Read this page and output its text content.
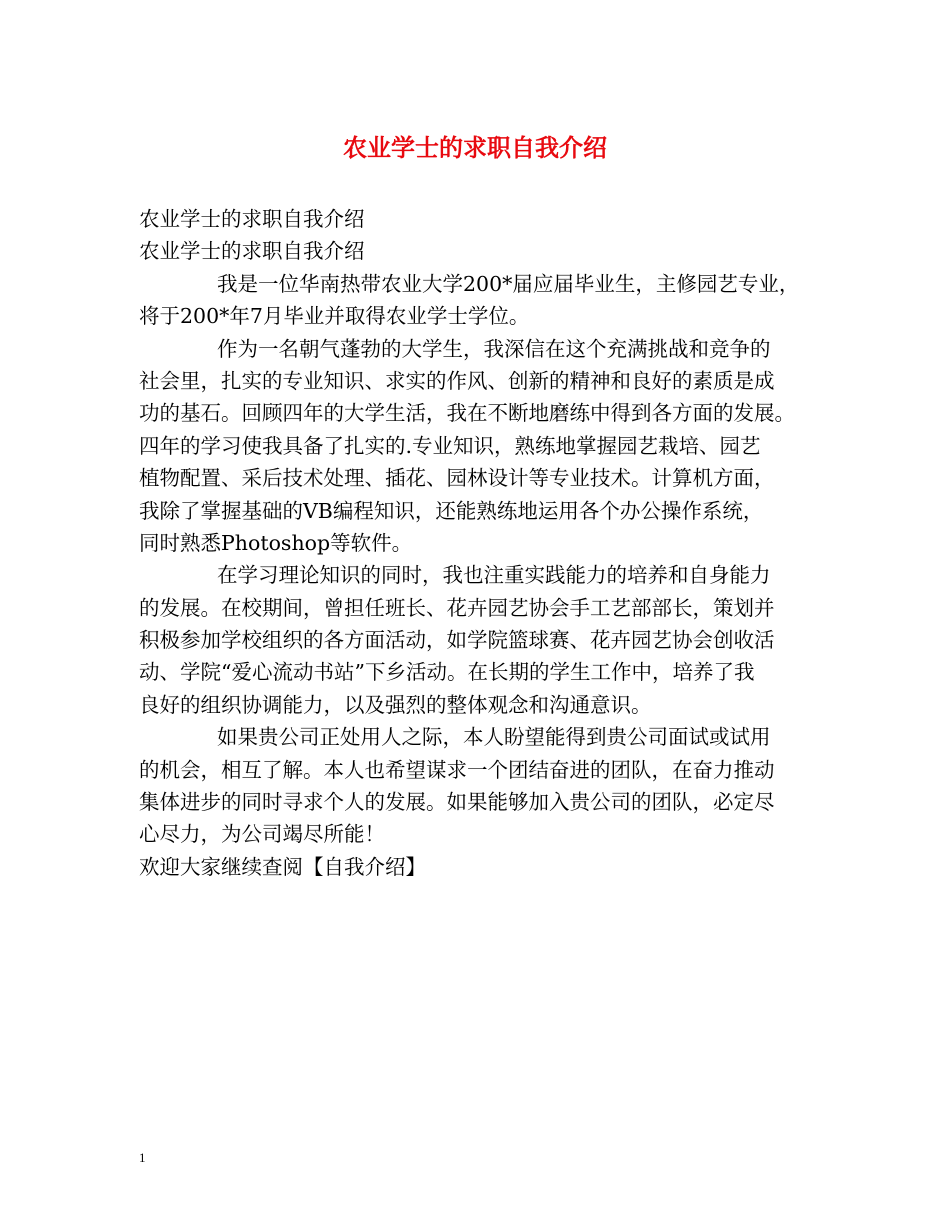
农业学士的求职自我介绍
农业学士的求职自我介绍
农业学士的求职自我介绍
我是一位华南热带农业大学200*届应届毕业生，主修园艺专业，
将于200*年7月毕业并取得农业学士学位。
作为一名朝气蓬勃的大学生，我深信在这个充满挑战和竞争的
社会里，扎实的专业知识、求实的作风、创新的精神和良好的素质是成
功的基石。回顾四年的大学生活，我在不断地磨练中得到各方面的发展。
四年的学习使我具备了扎实的.专业知识，熟练地掌握园艺栽培、园艺
植物配置、采后技术处理、插花、园林设计等专业技术。计算机方面，
我除了掌握基础的VB编程知识，还能熟练地运用各个办公操作系统，
同时熟悉Photoshop等软件。
在学习理论知识的同时，我也注重实践能力的培养和自身能力
的发展。在校期间，曾担任班长、花卉园艺协会手工艺部部长，策划并
积极参加学校组织的各方面活动，如学院篮球赛、花卉园艺协会创收活
动、学院“爱心流动书站”下乡活动。在长期的学生工作中，培养了我
良好的组织协调能力，以及强烈的整体观念和沟通意识。
如果贵公司正处用人之际，本人盼望能得到贵公司面试或试用
的机会，相互了解。本人也希望谋求一个团结奋进的团队，在奋力推动
集体进步的同时寻求个人的发展。如果能够加入贵公司的团队，必定尽
心尽力，为公司竭尽所能！
欢迎大家继续查阅【自我介绍】
1
